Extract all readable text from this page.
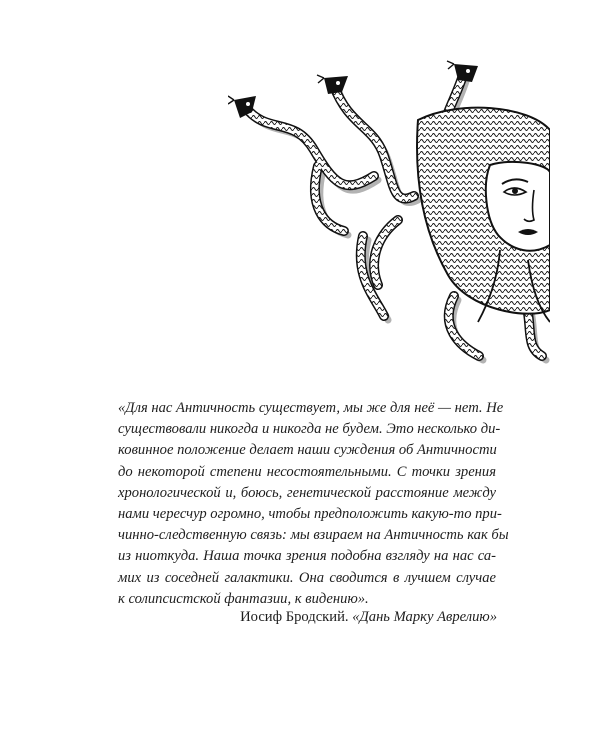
«Для нас Античность существует, мы же для неё — нет. Не
существовали никогда и никогда не будем. Это несколько ди-
ковинное положение делает наши суждения об Античности
до некоторой степени несостоятельными. С точки зрения
хронологической и, боюсь, генетической расстояние между
нами чересчур огромно, чтобы предположить какую-то при-
чинно-следственную связь: мы взираем на Античность как бы
из ниоткуда. Наша точка зрения подобна взгляду на нас са-
мих из соседней галактики. Она сводится в лучшем случае
к солипсистской фантазии, к видению».
Иосиф Бродский. «Дань Марку Аврелию»
